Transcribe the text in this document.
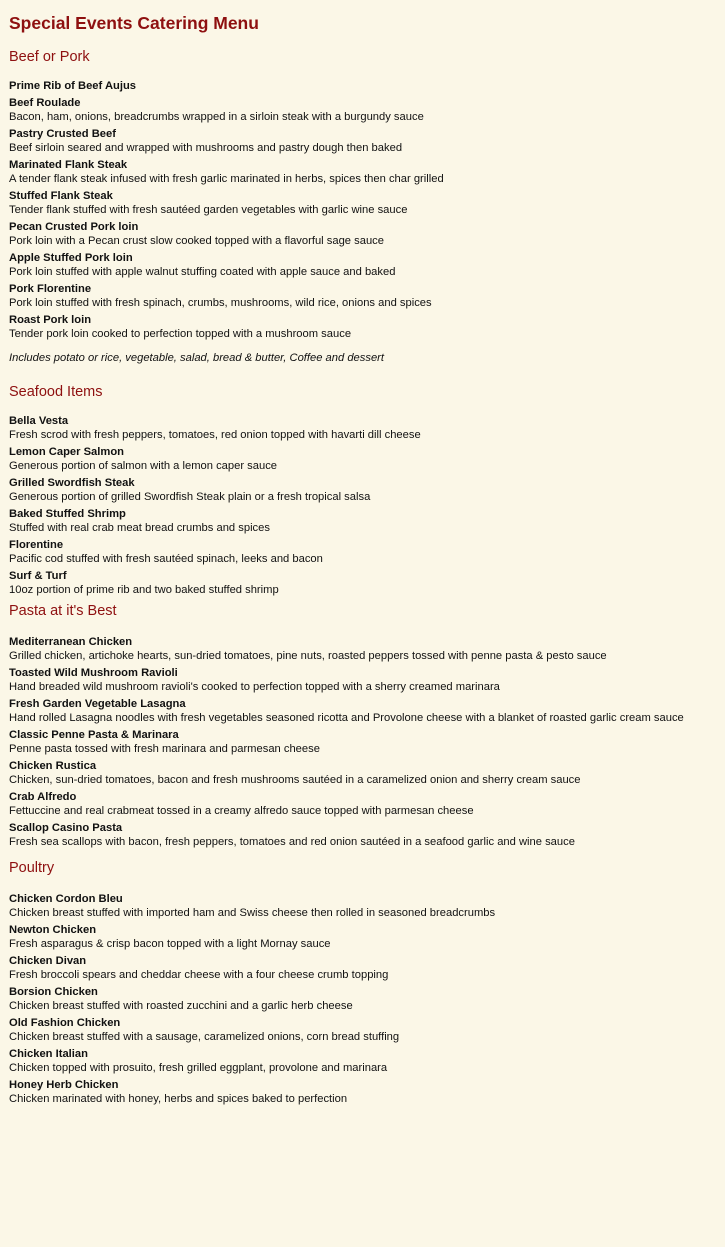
Special Events Catering Menu
Beef or Pork
Prime Rib of Beef Aujus
Beef Roulade
Bacon, ham, onions, breadcrumbs wrapped in a sirloin steak with a burgundy sauce
Pastry Crusted Beef
Beef sirloin seared and wrapped with mushrooms and pastry dough then baked
Marinated Flank Steak
A tender flank steak infused with fresh garlic marinated in herbs, spices then char grilled
Stuffed Flank Steak
Tender flank stuffed with fresh sautéed garden vegetables with garlic wine sauce
Pecan Crusted Pork loin
Pork loin with a Pecan crust slow cooked topped with a flavorful sage sauce
Apple Stuffed Pork loin
Pork loin stuffed with apple walnut stuffing coated with apple sauce and baked
Pork Florentine
Pork loin stuffed with fresh spinach, crumbs, mushrooms, wild rice, onions and spices
Roast Pork loin
Tender pork loin cooked to perfection topped with a mushroom sauce
Includes potato or rice, vegetable, salad, bread & butter, Coffee and dessert
Seafood Items
Bella Vesta
Fresh scrod with fresh peppers, tomatoes, red onion topped with havarti dill cheese
Lemon Caper Salmon
Generous portion of salmon with a lemon caper sauce
Grilled Swordfish Steak
Generous portion of grilled Swordfish Steak plain or a fresh tropical salsa
Baked Stuffed Shrimp
Stuffed with real crab meat bread crumbs and spices
Florentine
Pacific cod stuffed with fresh sautéed spinach, leeks and bacon
Surf & Turf
10oz portion of prime rib and two baked stuffed shrimp
Pasta at it's Best
Mediterranean Chicken
Grilled chicken, artichoke hearts, sun-dried tomatoes, pine nuts, roasted peppers tossed with penne pasta & pesto sauce
Toasted Wild Mushroom Ravioli
Hand breaded wild mushroom ravioli's cooked to perfection topped with a sherry creamed marinara
Fresh Garden Vegetable Lasagna
Hand rolled Lasagna noodles with fresh vegetables seasoned ricotta and Provolone cheese with a blanket of roasted garlic cream sauce
Classic Penne Pasta & Marinara
Penne pasta tossed with fresh marinara and parmesan cheese
Chicken Rustica
Chicken, sun-dried tomatoes, bacon and fresh mushrooms sautéed in a caramelized onion and sherry cream sauce
Crab Alfredo
Fettuccine and real crabmeat tossed in a creamy alfredo sauce topped with parmesan cheese
Scallop Casino Pasta
Fresh sea scallops with bacon, fresh peppers, tomatoes and red onion sautéed in a seafood garlic and wine sauce
Poultry
Chicken Cordon Bleu
Chicken breast stuffed with imported ham and Swiss cheese then rolled in seasoned breadcrumbs
Newton Chicken
Fresh asparagus & crisp bacon topped with a light Mornay sauce
Chicken Divan
Fresh broccoli spears and cheddar cheese with a four cheese crumb topping
Borsion Chicken
Chicken breast stuffed with roasted zucchini and a garlic herb cheese
Old Fashion Chicken
Chicken breast stuffed with a sausage, caramelized onions, corn bread stuffing
Chicken Italian
Chicken topped with prosuito, fresh grilled eggplant, provolone and marinara
Honey Herb Chicken
Chicken marinated with honey, herbs and spices baked to perfection
